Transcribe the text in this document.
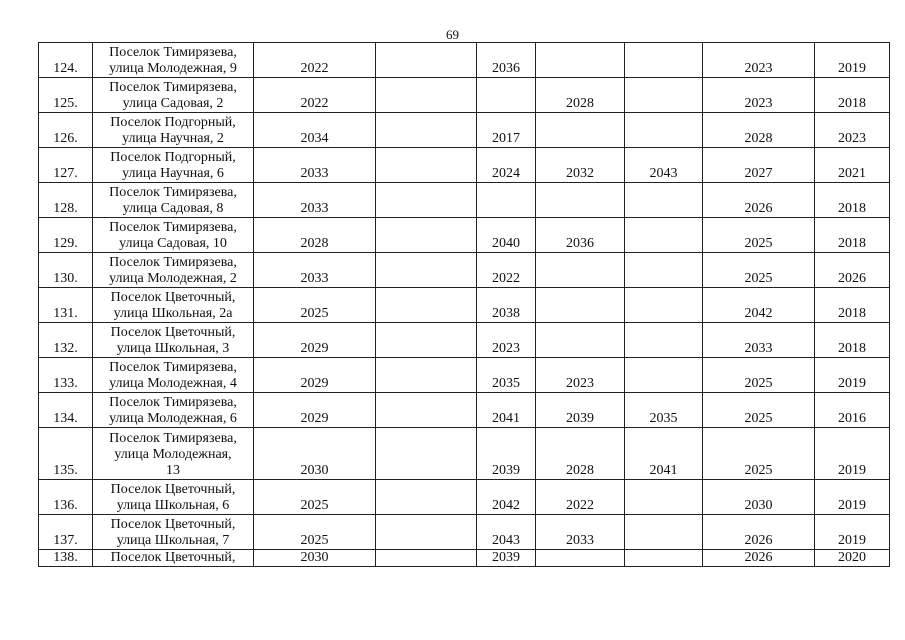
69
124.	Поселок Тимирязева,
улица Молодежная, 9	2022		2036			2023	2019
125.	Поселок Тимирязева,
улица Садовая, 2	2022			2028		2023	2018
126.	Поселок Подгорный,
улица Научная, 2	2034		2017			2028	2023
127.	Поселок Подгорный,
улица Научная, 6	2033		2024	2032	2043	2027	2021
128.	Поселок Тимирязева,
улица Садовая, 8	2033					2026	2018
129.	Поселок Тимирязева,
улица Садовая, 10	2028		2040	2036		2025	2018
130.	Поселок Тимирязева,
улица Молодежная, 2	2033		2022			2025	2026
131.	Поселок Цветочный,
улица Школьная, 2а	2025		2038			2042	2018
132.	Поселок Цветочный,
улица Школьная, 3	2029		2023			2033	2018
133.	Поселок Тимирязева,
улица Молодежная, 4	2029		2035	2023		2025	2019
134.	Поселок Тимирязева,
улица Молодежная, 6	2029		2041	2039	2035	2025	2016
135.	Поселок Тимирязева,
улица Молодежная,
13	2030		2039	2028	2041	2025	2019
136.	Поселок Цветочный,
улица Школьная, 6	2025		2042	2022		2030	2019
137.	Поселок Цветочный,
улица Школьная, 7	2025		2043	2033		2026	2019
138.	Поселок Цветочный,	2030		2039			2026	2020
